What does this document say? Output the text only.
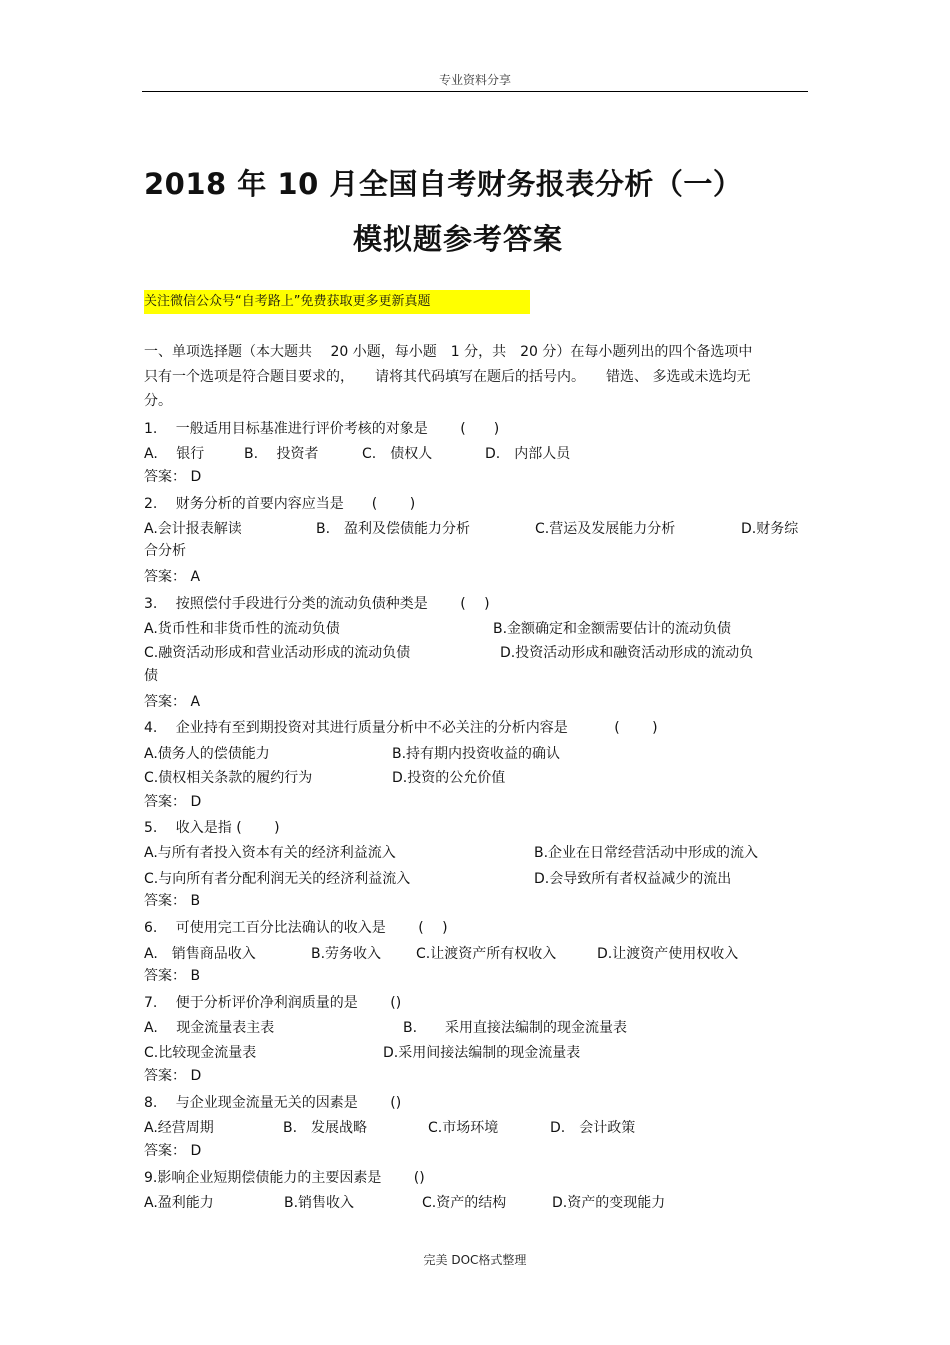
专业资料分享
2018 年 10 月全国自考财务报表分析（一）
模拟题参考答案
关注微信公众号“自考路上”免费获取更多更新真题
一、单项选择题（本大题共　 20 小题，每小题　1 分，共　20 分）在每小题列出的四个备选项中
只有一个选项是符合题目要求的，　　请将其代码填写在题后的括号内。　　错选、 多选或未选均无
分。
1.　 一般适用目标基准进行评价考核的对象是　　 (　　)
A.　 银行	B.　 投资者	C.　债权人	D.　内部人员
答案： D
2.　 财务分析的首要内容应当是　　(　　 )
A.会计报表解读	B.　盈利及偿债能力分析	C.营运及发展能力分析	D.财务综
合分析
答案： A
3.　 按照偿付手段进行分类的流动负债种类是　　 (　 )
A.货币性和非货币性的流动负债	B.金额确定和金额需要估计的流动负债
C.融资活动形成和营业活动形成的流动负债	D.投资活动形成和融资活动形成的流动负
债
答案： A
4.　 企业持有至到期投资对其进行质量分析中不必关注的分析内容是　　　 (　　 )
A.债务人的偿债能力	B.持有期内投资收益的确认
C.债权相关条款的履约行为	D.投资的公允价值
答案： D
5.　 收入是指 (　　 )
A.与所有者投入资本有关的经济利益流入	B.企业在日常经营活动中形成的流入
C.与向所有者分配利润无关的经济利益流入	D.会导致所有者权益减少的流出
答案： B
6.　 可使用完工百分比法确认的收入是　　 (　 )
A.　销售商品收入	B.劳务收入 C.让渡资产所有权收入	D.让渡资产使用权收入
答案： B
7.　 便于分析评价净利润质量的是　　 ()
A.　 现金流量表主表	B.　　采用直接法编制的现金流量表
C.比较现金流量表	D.采用间接法编制的现金流量表
答案： D
8.　 与企业现金流量无关的因素是　　 ()
A.经营周期	B.　发展战略	C.市场环境	D.　会计政策
答案： D
9.影响企业短期偿债能力的主要因素是　　 ()
A.盈利能力	B.销售收入	C.资产的结构	D.资产的变现能力
完美 DOC格式整理
